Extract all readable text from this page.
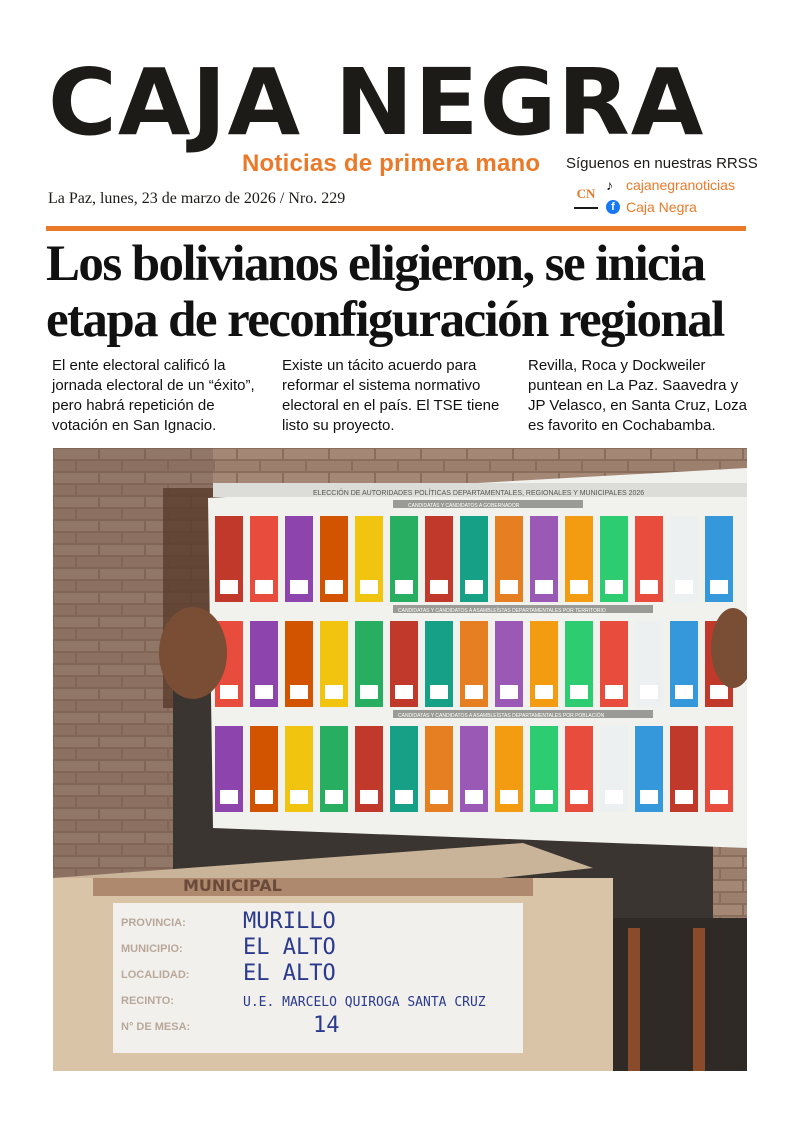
CAJA NEGRA
Noticias de primera mano
La Paz, lunes, 23 de marzo de 2026 / Nro. 229
Síguenos en nuestras RRSS
CN
♪ cajanegranoticias
f Caja Negra
Los bolivianos eligieron, se inicia
etapa de reconfiguración regional
El ente electoral calificó la jornada electoral de un “éxito”, pero habrá repetición de votación en San Ignacio.
Existe un tácito acuerdo para reformar el sistema normativo electoral en el país. El TSE tiene listo su proyecto.
Revilla, Roca y Dockweiler puntean en La Paz. Saavedra y JP Velasco, en Santa Cruz, Loza es favorito en Cochabamba.
ELECCIÓN DE AUTORIDADES POLÍTICAS DEPARTAMENTALES, REGIONALES Y MUNICIPALES 2026
CANDIDATAS Y CANDIDATOS A GOBERNADOR
CANDIDATAS Y CANDIDATOS A ASAMBLEÍSTAS DEPARTAMENTALES POR TERRITORIO
CANDIDATAS Y CANDIDATOS A ASAMBLEÍSTAS DEPARTAMENTALES POR POBLACIÓN
MUNICIPAL
PROVINCIA:	MURILLO
MUNICIPIO:	EL ALTO
LOCALIDAD: EL ALTO
RECINTO:	U.E. MARCELO QUIROGA SANTA CRUZ
N° DE MESA:	14
